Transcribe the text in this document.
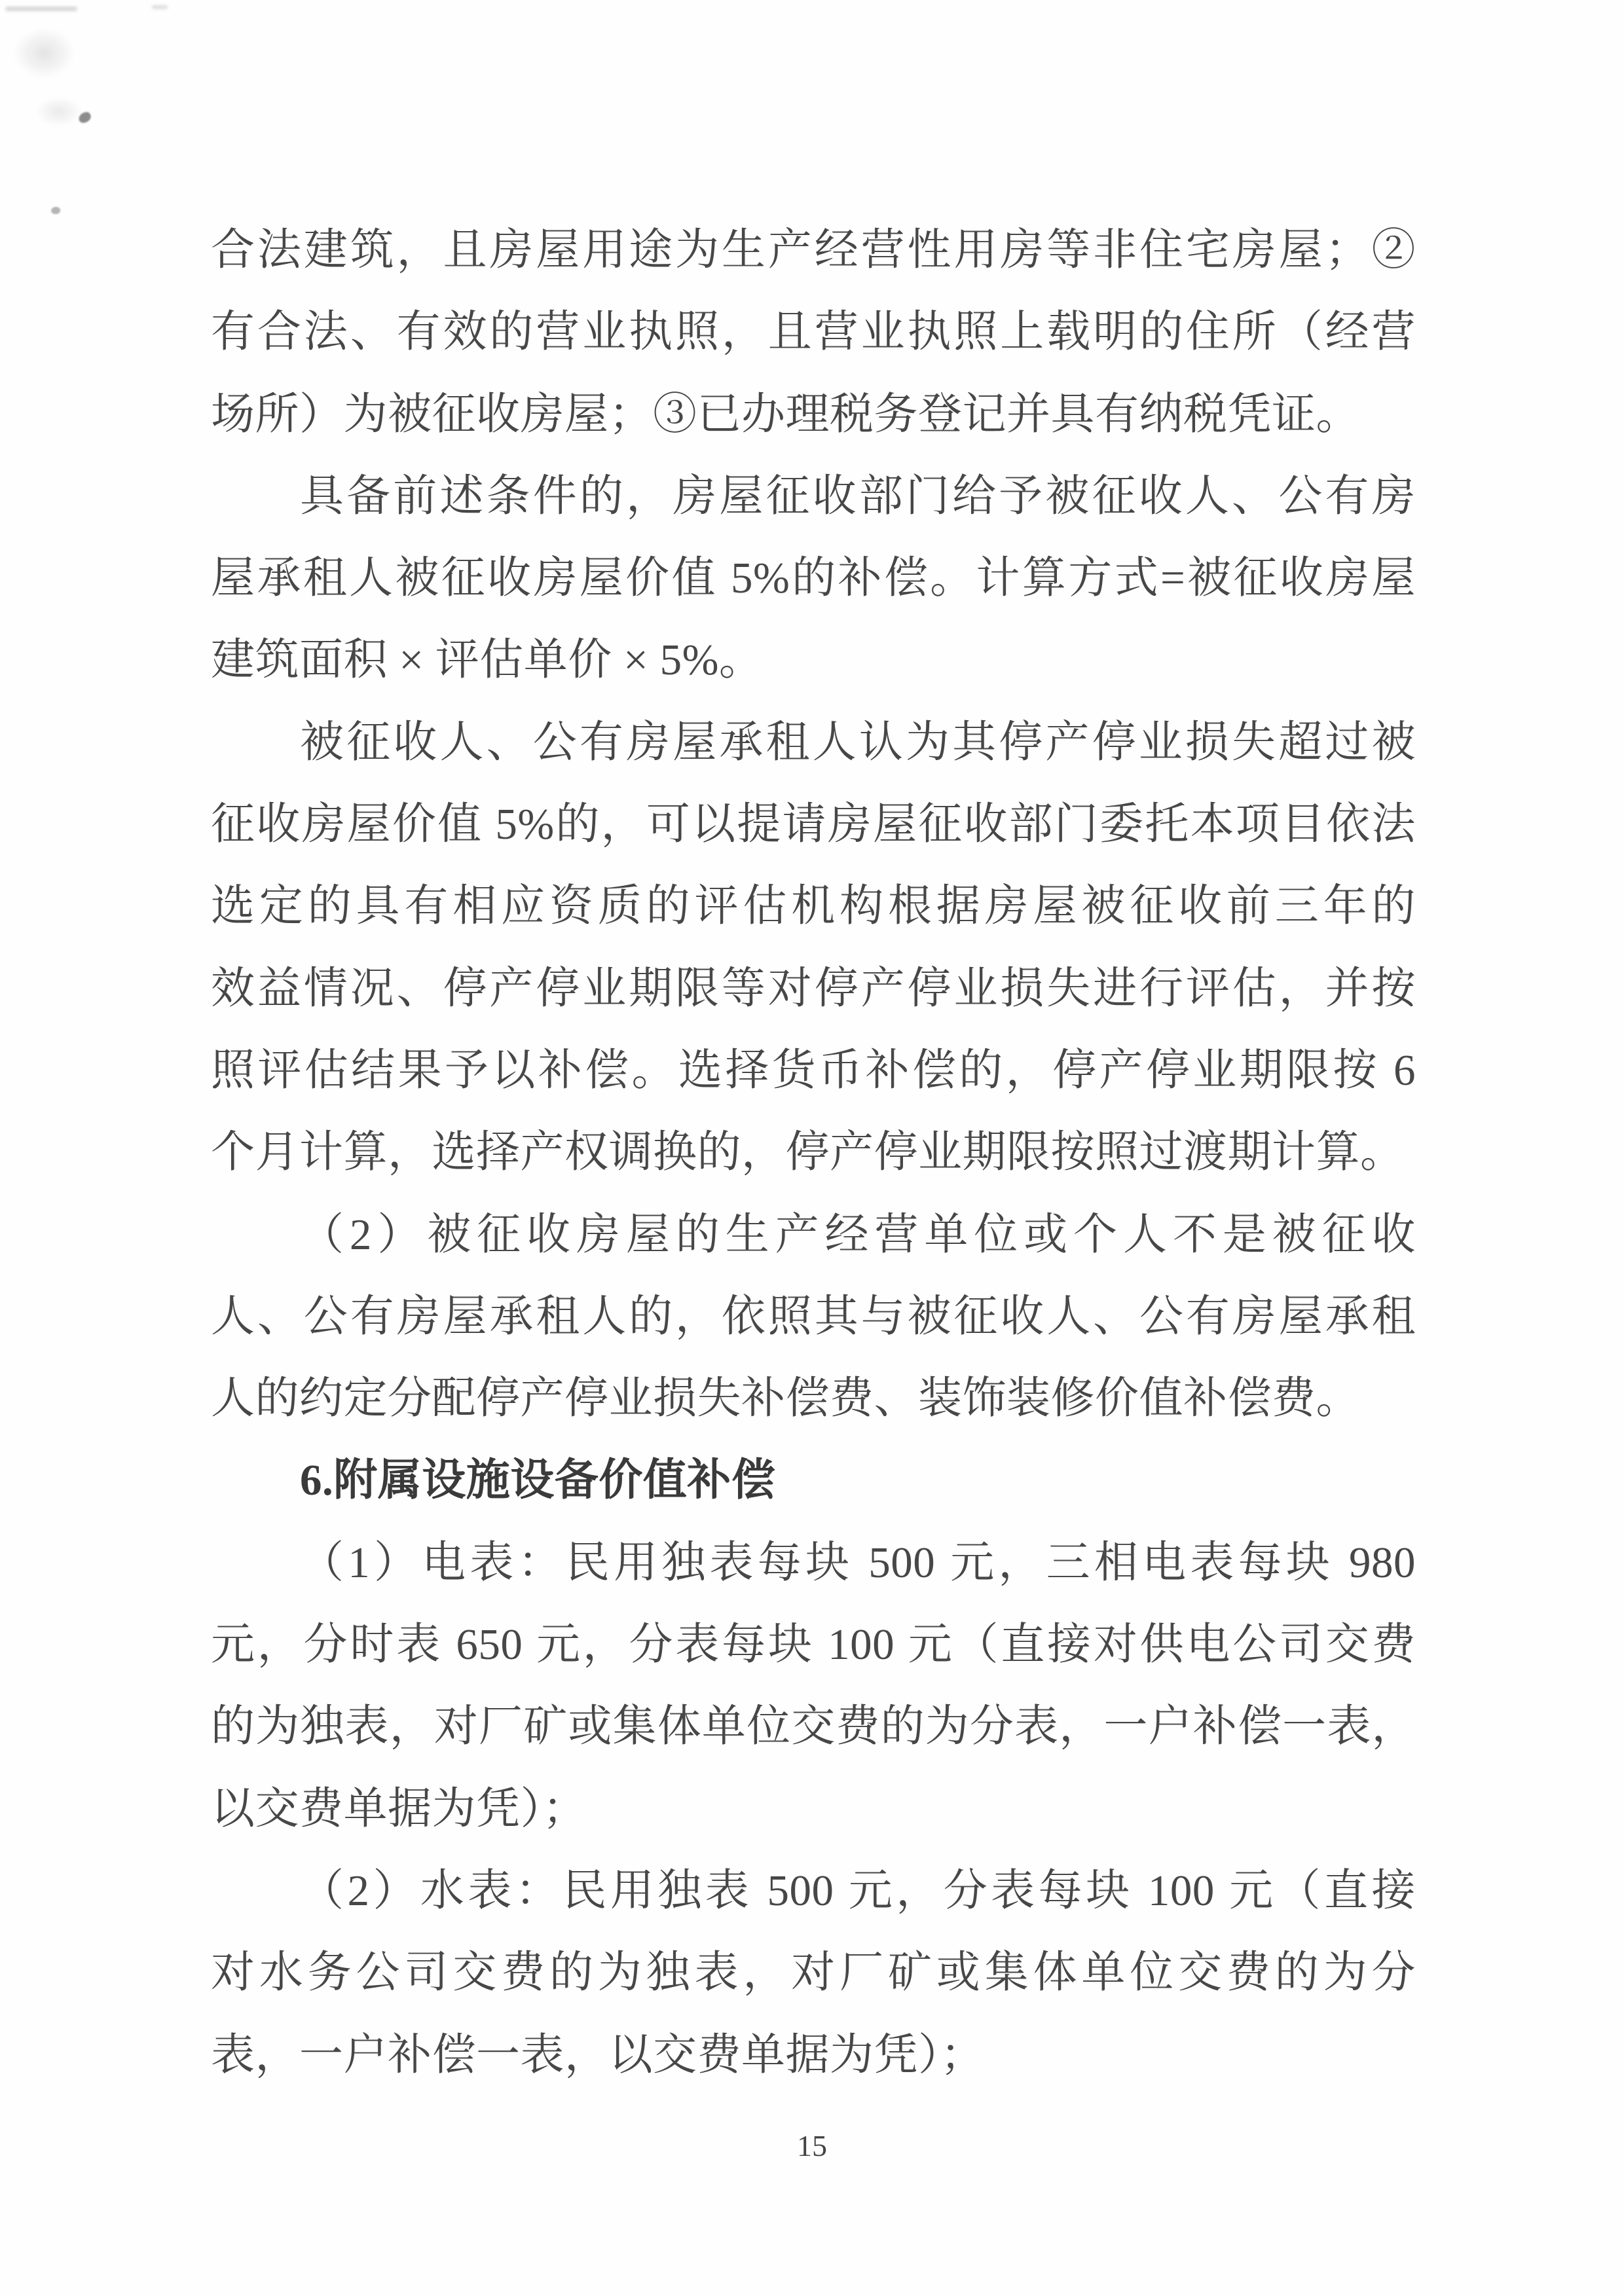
合法建筑，且房屋用途为生产经营性用房等非住宅房屋；②
有合法、有效的营业执照，且营业执照上载明的住所（经营
场所）为被征收房屋；③已办理税务登记并具有纳税凭证。
具备前述条件的，房屋征收部门给予被征收人、公有房
屋承租人被征收房屋价值 5%的补偿。计算方式=被征收房屋
建筑面积 × 评估单价 × 5%。
被征收人、公有房屋承租人认为其停产停业损失超过被
征收房屋价值 5%的，可以提请房屋征收部门委托本项目依法
选定的具有相应资质的评估机构根据房屋被征收前三年的
效益情况、停产停业期限等对停产停业损失进行评估，并按
照评估结果予以补偿。选择货币补偿的，停产停业期限按 6
个月计算，选择产权调换的，停产停业期限按照过渡期计算。
（2）被征收房屋的生产经营单位或个人不是被征收
人、公有房屋承租人的，依照其与被征收人、公有房屋承租
人的约定分配停产停业损失补偿费、装饰装修价值补偿费。
6.附属设施设备价值补偿
（1）电表：民用独表每块 500 元，三相电表每块 980
元，分时表 650 元，分表每块 100 元（直接对供电公司交费
的为独表，对厂矿或集体单位交费的为分表，一户补偿一表，
以交费单据为凭）；
（2）水表：民用独表 500 元，分表每块 100 元（直接
对水务公司交费的为独表，对厂矿或集体单位交费的为分
表，一户补偿一表，以交费单据为凭）；
15
